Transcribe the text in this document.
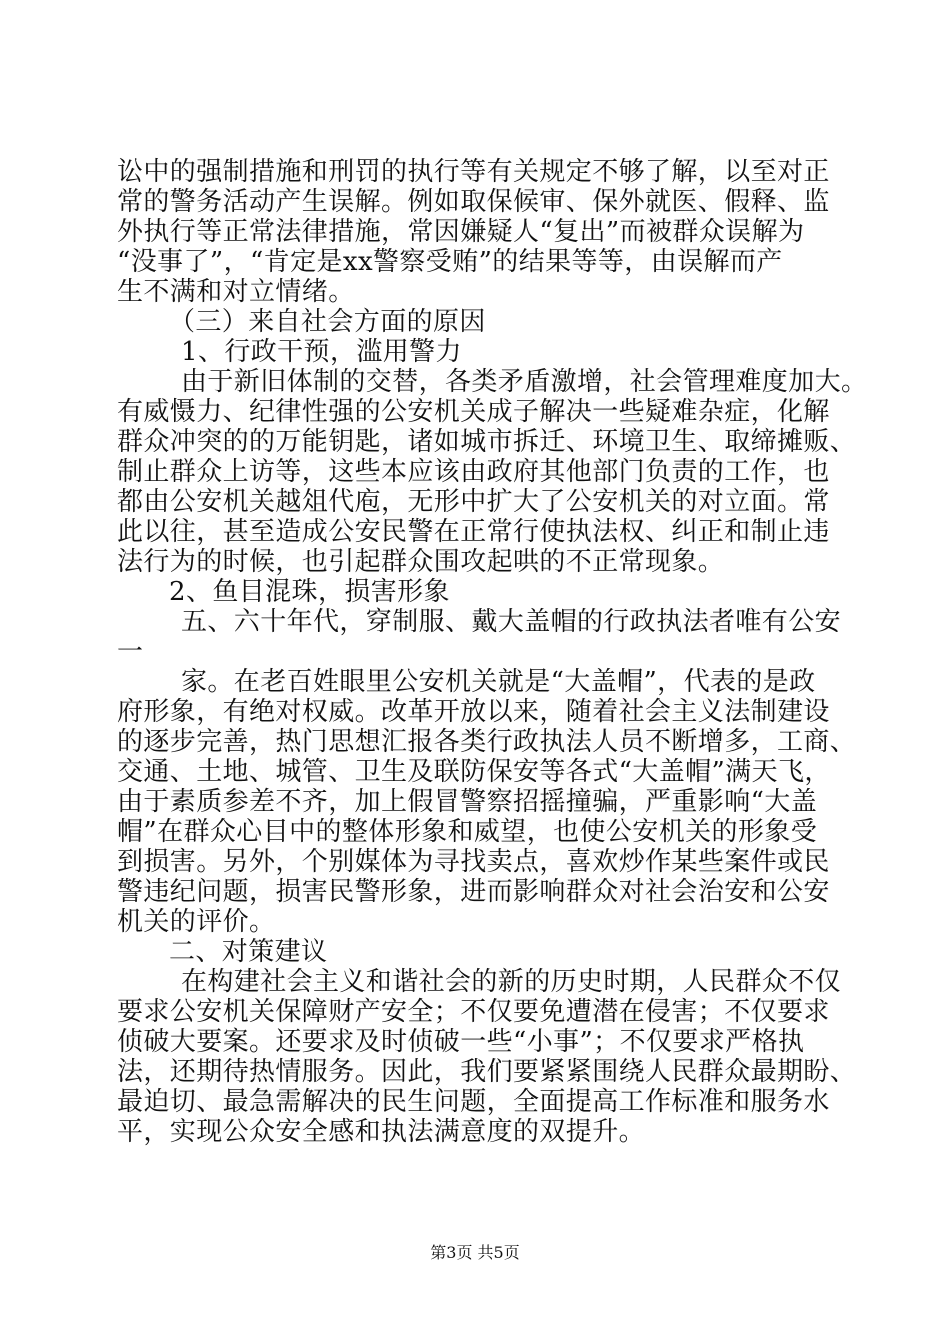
讼中的强制措施和刑罚的执行等有关规定不够了解，以至对正
常的警务活动产生误解。例如取保候审、保外就医、假释、监
外执行等正常法律措施，常因嫌疑人“复出”而被群众误解为
“没事了”，“肯定是xx警察受贿”的结果等等，由误解而产
生不满和对立情绪。
（三）来自社会方面的原因
1、行政干预，滥用警力
由于新旧体制的交替，各类矛盾激增，社会管理难度加大。
有威慑力、纪律性强的公安机关成子解决一些疑难杂症，化解
群众冲突的的万能钥匙，诸如城市拆迁、环境卫生、取缔摊贩、
制止群众上访等，这些本应该由政府其他部门负责的工作，也
都由公安机关越俎代庖，无形中扩大了公安机关的对立面。常
此以往，甚至造成公安民警在正常行使执法权、纠正和制止违
法行为的时候，也引起群众围攻起哄的不正常现象。
2、鱼目混珠，损害形象
五、六十年代，穿制服、戴大盖帽的行政执法者唯有公安
一
家。在老百姓眼里公安机关就是“大盖帽”，代表的是政
府形象，有绝对权威。改革开放以来，随着社会主义法制建设
的逐步完善，热门思想汇报各类行政执法人员不断增多，工商、
交通、土地、城管、卫生及联防保安等各式“大盖帽”满天飞，
由于素质参差不齐，加上假冒警察招摇撞骗，严重影响“大盖
帽”在群众心目中的整体形象和威望，也使公安机关的形象受
到损害。另外，个别媒体为寻找卖点，喜欢炒作某些案件或民
警违纪问题，损害民警形象，进而影响群众对社会治安和公安
机关的评价。
二、对策建议
在构建社会主义和谐社会的新的历史时期，人民群众不仅
要求公安机关保障财产安全；不仅要免遭潜在侵害；不仅要求
侦破大要案。还要求及时侦破一些“小事”；不仅要求严格执
法，还期待热情服务。因此，我们要紧紧围绕人民群众最期盼、
最迫切、最急需解决的民生问题，全面提高工作标准和服务水
平，实现公众安全感和执法满意度的双提升。
第3页 共5页
